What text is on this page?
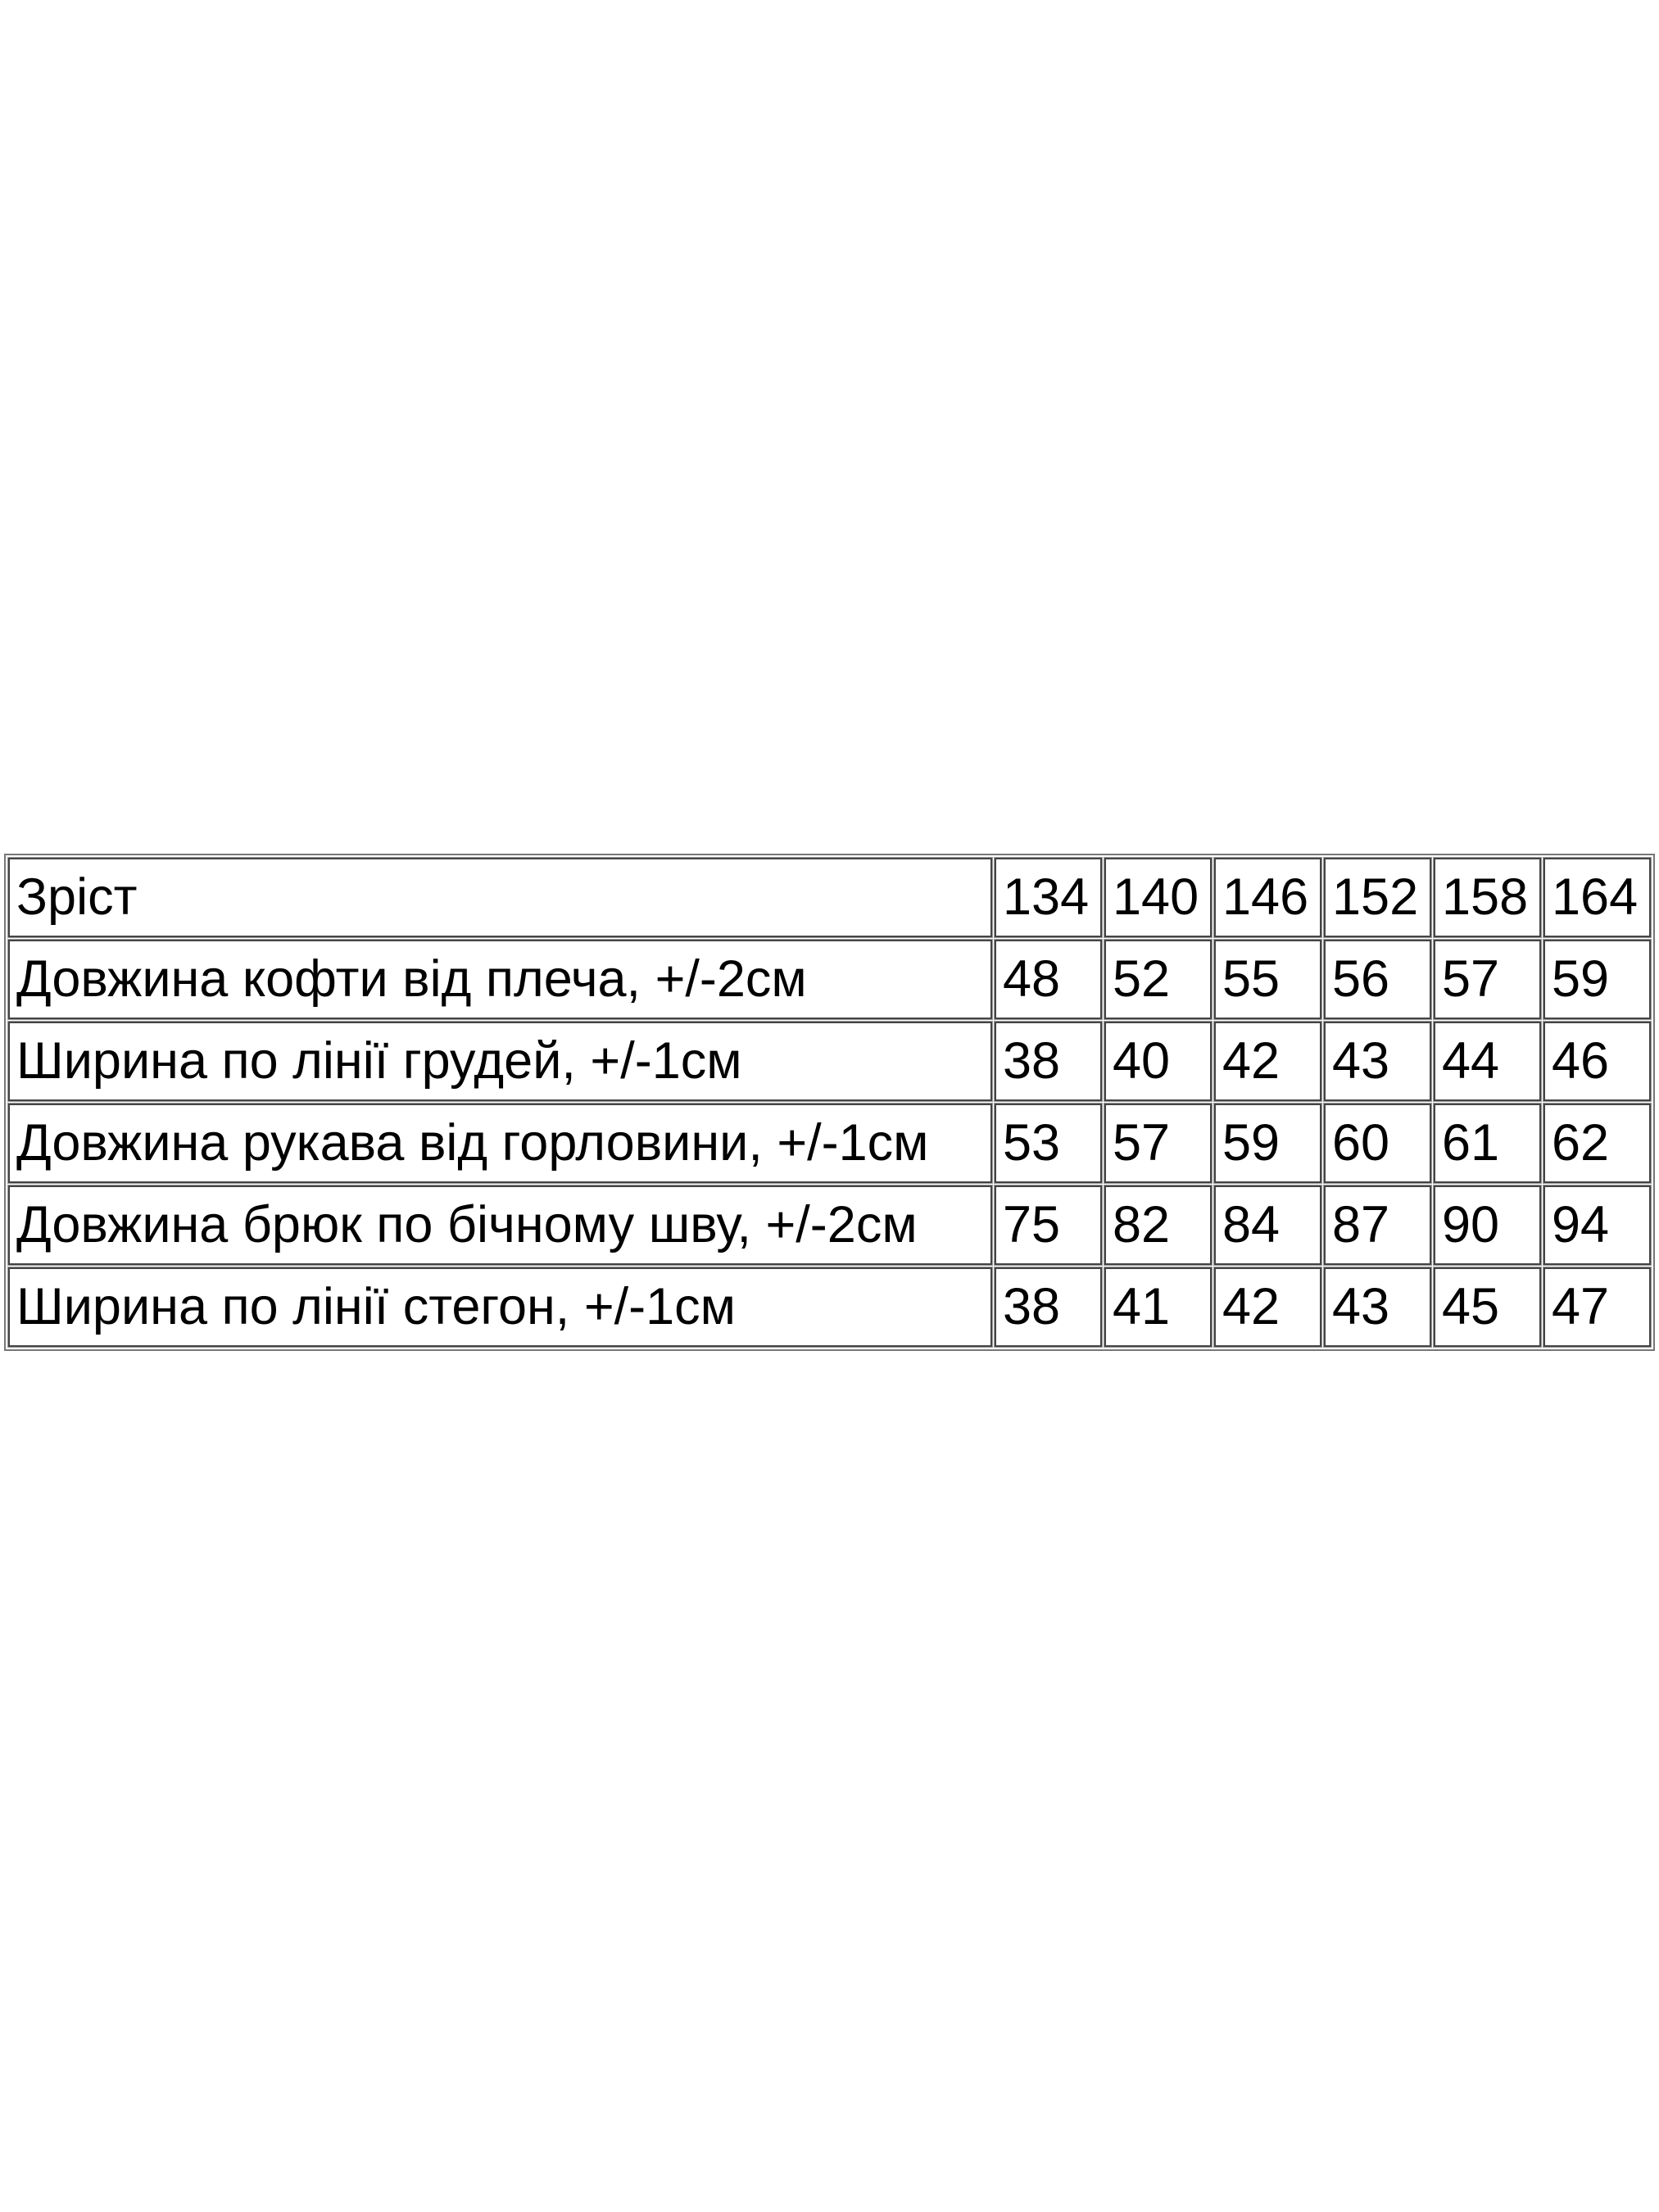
Зріст	134	140	146	152	158	164
Довжина кофти від плеча, +/-2см	48	52	55	56	57	59
Ширина по лінії грудей, +/-1см	38	40	42	43	44	46
Довжина рукава від горловини, +/-1см	53	57	59	60	61	62
Довжина брюк по бічному шву, +/-2см	75	82	84	87	90	94
Ширина по лінії стегон, +/-1см	38	41	42	43	45	47
